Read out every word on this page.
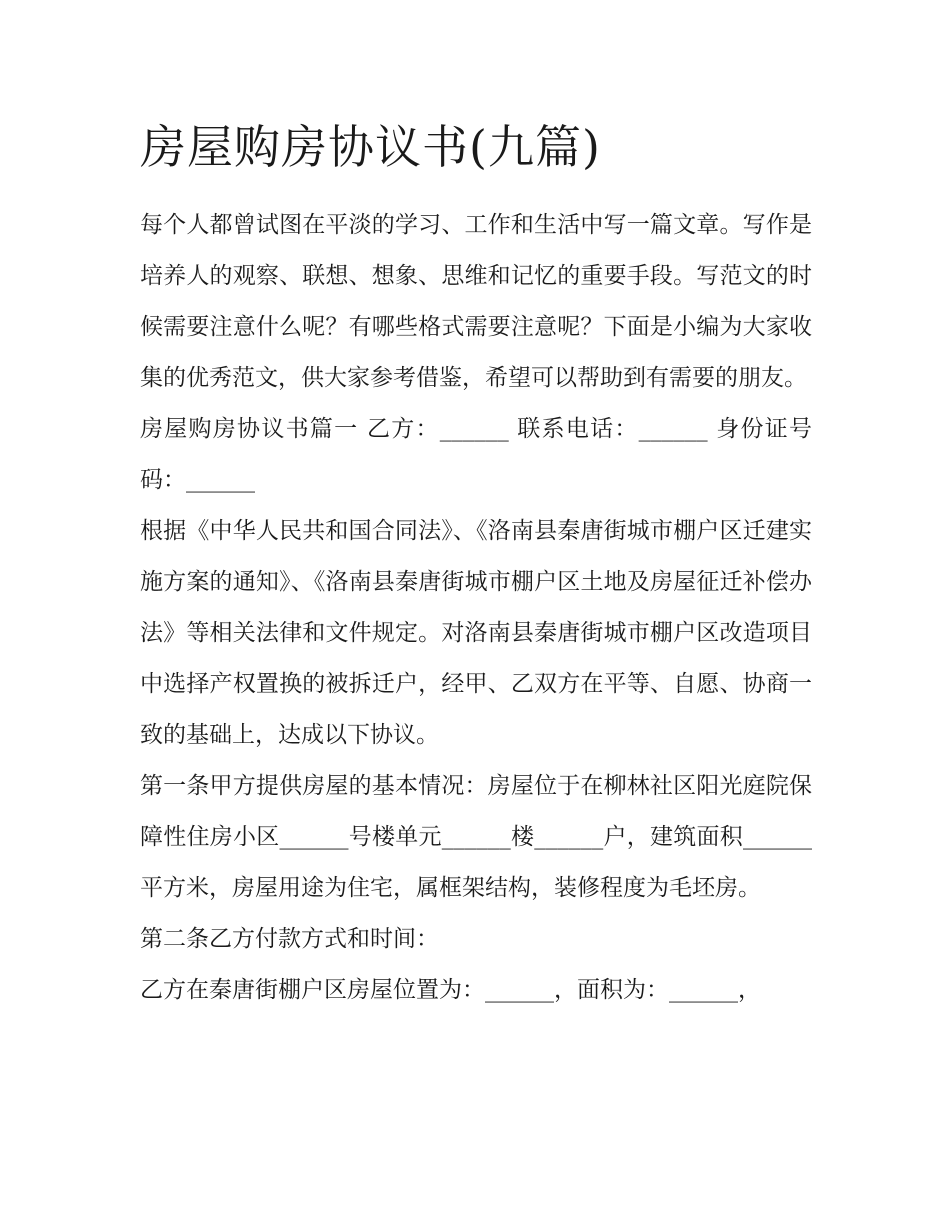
房屋购房协议书(九篇)

每个人都曾试图在平淡的学习、工作和生活中写一篇文章。写作是培养人的观察、联想、想象、思维和记忆的重要手段。写范文的时候需要注意什么呢？有哪些格式需要注意呢？下面是小编为大家收集的优秀范文，供大家参考借鉴，希望可以帮助到有需要的朋友。

房屋购房协议书篇一 乙方：______ 联系电话：______ 身份证号码：______

根据《中华人民共和国合同法》、《洛南县秦唐街城市棚户区迁建实施方案的通知》、《洛南县秦唐街城市棚户区土地及房屋征迁补偿办法》等相关法律和文件规定。对洛南县秦唐街城市棚户区改造项目中选择产权置换的被拆迁户，经甲、乙双方在平等、自愿、协商一致的基础上，达成以下协议。

第一条甲方提供房屋的基本情况：房屋位于在柳林社区阳光庭院保障性住房小区______号楼单元______楼______户，建筑面积______平方米，房屋用途为住宅，属框架结构，装修程度为毛坯房。

第二条乙方付款方式和时间：

乙方在秦唐街棚户区房屋位置为：______，面积为：______，
